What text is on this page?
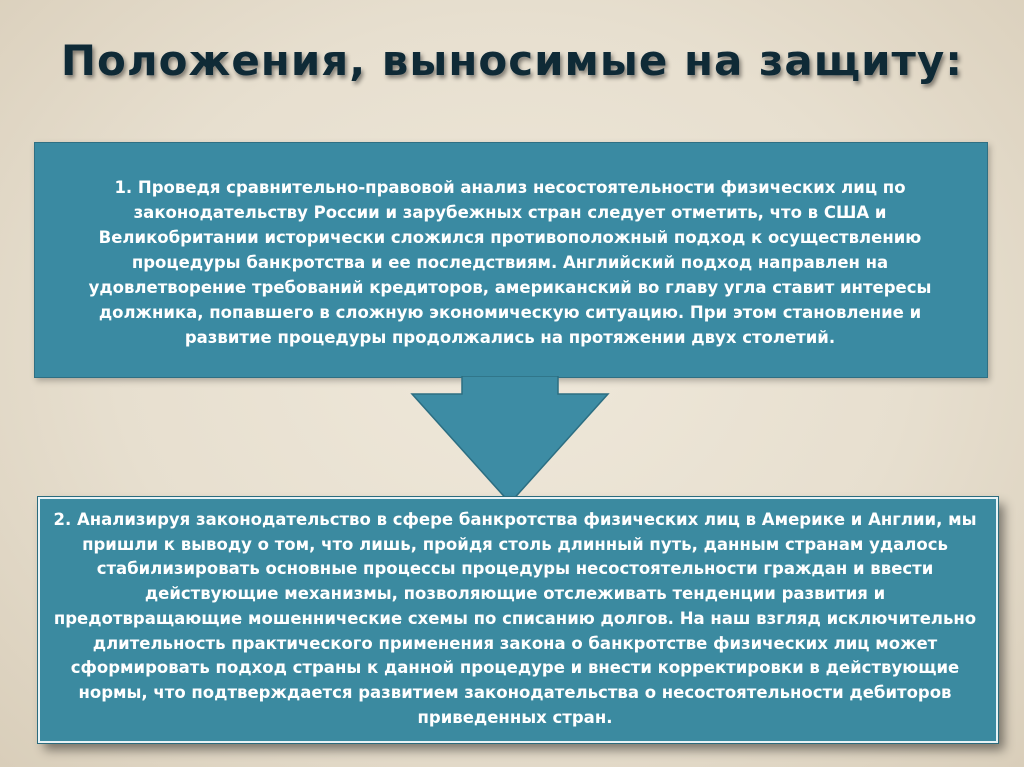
Положения, выносимые на защиту:

1. Проведя сравнительно-правовой анализ несостоятельности физических лиц по законодательству России и зарубежных стран следует отметить, что в США и Великобритании исторически сложился противоположный подход к осуществлению процедуры банкротства и ее последствиям. Английский подход направлен на удовлетворение требований кредиторов, американский во главу угла ставит интересы должника, попавшего в сложную экономическую ситуацию. При этом становление и развитие процедуры продолжались на протяжении двух столетий.

2. Анализируя законодательство в сфере банкротства физических лиц в Америке и Англии, мы пришли к выводу о том, что лишь, пройдя столь длинный путь, данным странам удалось стабилизировать основные процессы процедуры несостоятельности граждан и ввести действующие механизмы, позволяющие отслеживать тенденции развития и предотвращающие мошеннические схемы по списанию долгов. На наш взгляд исключительно длительность практического применения закона о банкротстве физических лиц может сформировать подход страны к данной процедуре и внести корректировки в действующие нормы, что подтверждается развитием законодательства о несостоятельности дебиторов приведенных стран.
